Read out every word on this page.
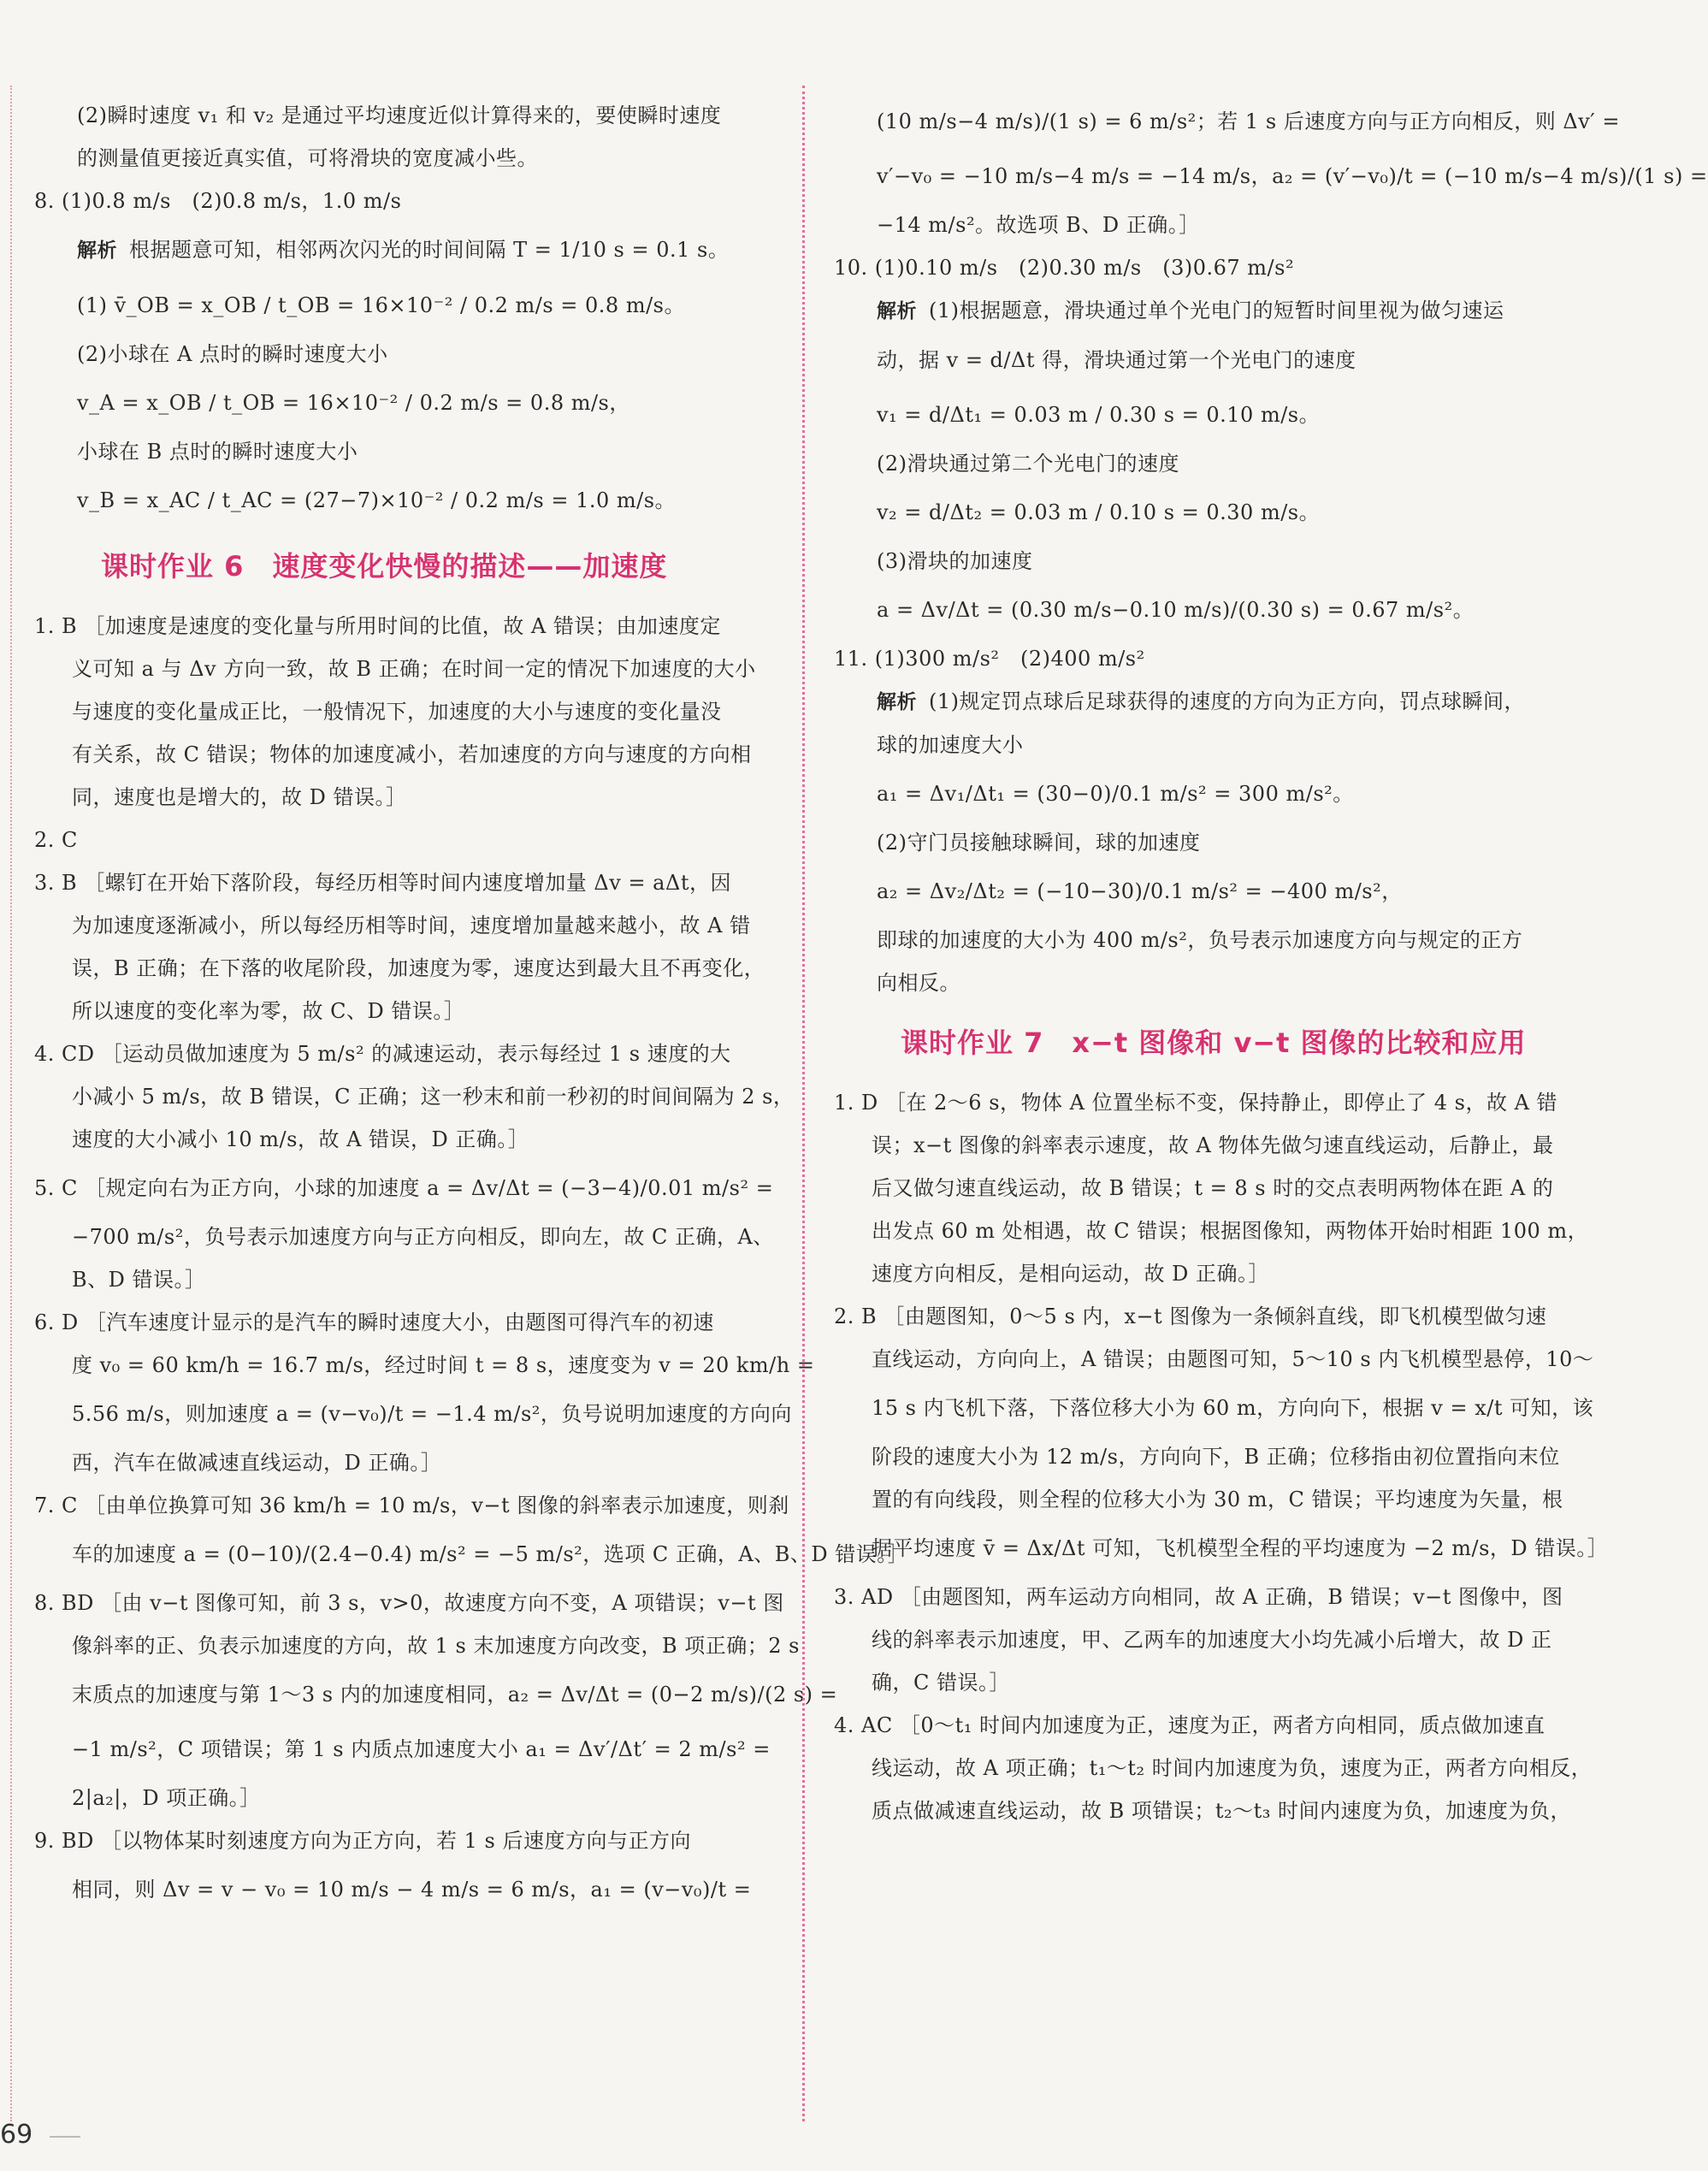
(2)瞬时速度 v₁ 和 v₂ 是通过平均速度近似计算得来的，要使瞬时速度
的测量值更接近真实值，可将滑块的宽度减小些。
8. (1)0.8 m/s　(2)0.8 m/s，1.0 m/s
解析 根据题意可知，相邻两次闪光的时间间隔 T = 1/10 s = 0.1 s。
(1) v̄_OB = x_OB / t_OB = 16×10⁻² / 0.2 m/s = 0.8 m/s。
(2)小球在 A 点时的瞬时速度大小
v_A = x_OB / t_OB = 16×10⁻² / 0.2 m/s = 0.8 m/s，
小球在 B 点时的瞬时速度大小
v_B = x_AC / t_AC = (27−7)×10⁻² / 0.2 m/s = 1.0 m/s。
课时作业 6　速度变化快慢的描述——加速度
1. B ［加速度是速度的变化量与所用时间的比值，故 A 错误；由加速度定
义可知 a 与 Δv 方向一致，故 B 正确；在时间一定的情况下加速度的大小
与速度的变化量成正比，一般情况下，加速度的大小与速度的变化量没
有关系，故 C 错误；物体的加速度减小，若加速度的方向与速度的方向相
同，速度也是增大的，故 D 错误。］
2. C
3. B ［螺钉在开始下落阶段，每经历相等时间内速度增加量 Δv = aΔt，因
为加速度逐渐减小，所以每经历相等时间，速度增加量越来越小，故 A 错
误，B 正确；在下落的收尾阶段，加速度为零，速度达到最大且不再变化，
所以速度的变化率为零，故 C、D 错误。］
4. CD ［运动员做加速度为 5 m/s² 的减速运动，表示每经过 1 s 速度的大
小减小 5 m/s，故 B 错误，C 正确；这一秒末和前一秒初的时间间隔为 2 s，
速度的大小减小 10 m/s，故 A 错误，D 正确。］
5. C ［规定向右为正方向，小球的加速度 a = Δv/Δt = (−3−4)/0.01 m/s² =
−700 m/s²，负号表示加速度方向与正方向相反，即向左，故 C 正确，A、
B、D 错误。］
6. D ［汽车速度计显示的是汽车的瞬时速度大小，由题图可得汽车的初速
度 v₀ = 60 km/h = 16.7 m/s，经过时间 t = 8 s，速度变为 v = 20 km/h =
5.56 m/s，则加速度 a = (v−v₀)/t = −1.4 m/s²，负号说明加速度的方向向
西，汽车在做减速直线运动，D 正确。］
7. C ［由单位换算可知 36 km/h = 10 m/s，v−t 图像的斜率表示加速度，则刹
车的加速度 a = (0−10)/(2.4−0.4) m/s² = −5 m/s²，选项 C 正确，A、B、D 错误。］
8. BD ［由 v−t 图像可知，前 3 s，v>0，故速度方向不变，A 项错误；v−t 图
像斜率的正、负表示加速度的方向，故 1 s 末加速度方向改变，B 项正确；2 s
末质点的加速度与第 1～3 s 内的加速度相同，a₂ = Δv/Δt = (0−2 m/s)/(2 s) =
−1 m/s²，C 项错误；第 1 s 内质点加速度大小 a₁ = Δv′/Δt′ = 2 m/s² =
2|a₂|，D 项正确。］
9. BD ［以物体某时刻速度方向为正方向，若 1 s 后速度方向与正方向
相同，则 Δv = v − v₀ = 10 m/s − 4 m/s = 6 m/s，a₁ = (v−v₀)/t =
(10 m/s−4 m/s)/(1 s) = 6 m/s²；若 1 s 后速度方向与正方向相反，则 Δv′ =
v′−v₀ = −10 m/s−4 m/s = −14 m/s，a₂ = (v′−v₀)/t = (−10 m/s−4 m/s)/(1 s) =
−14 m/s²。故选项 B、D 正确。］
10. (1)0.10 m/s　(2)0.30 m/s　(3)0.67 m/s²
解析 (1)根据题意，滑块通过单个光电门的短暂时间里视为做匀速运
动，据 v = d/Δt 得，滑块通过第一个光电门的速度
v₁ = d/Δt₁ = 0.03 m / 0.30 s = 0.10 m/s。
(2)滑块通过第二个光电门的速度
v₂ = d/Δt₂ = 0.03 m / 0.10 s = 0.30 m/s。
(3)滑块的加速度
a = Δv/Δt = (0.30 m/s−0.10 m/s)/(0.30 s) = 0.67 m/s²。
11. (1)300 m/s²　(2)400 m/s²
解析 (1)规定罚点球后足球获得的速度的方向为正方向，罚点球瞬间，
球的加速度大小
a₁ = Δv₁/Δt₁ = (30−0)/0.1 m/s² = 300 m/s²。
(2)守门员接触球瞬间，球的加速度
a₂ = Δv₂/Δt₂ = (−10−30)/0.1 m/s² = −400 m/s²，
即球的加速度的大小为 400 m/s²，负号表示加速度方向与规定的正方
向相反。
课时作业 7　x−t 图像和 v−t 图像的比较和应用
1. D ［在 2～6 s，物体 A 位置坐标不变，保持静止，即停止了 4 s，故 A 错
误；x−t 图像的斜率表示速度，故 A 物体先做匀速直线运动，后静止，最
后又做匀速直线运动，故 B 错误；t = 8 s 时的交点表明两物体在距 A 的
出发点 60 m 处相遇，故 C 错误；根据图像知，两物体开始时相距 100 m，
速度方向相反，是相向运动，故 D 正确。］
2. B ［由题图知，0～5 s 内，x−t 图像为一条倾斜直线，即飞机模型做匀速
直线运动，方向向上，A 错误；由题图可知，5～10 s 内飞机模型悬停，10～
15 s 内飞机下落，下落位移大小为 60 m，方向向下，根据 v = x/t 可知，该
阶段的速度大小为 12 m/s，方向向下，B 正确；位移指由初位置指向末位
置的有向线段，则全程的位移大小为 30 m，C 错误；平均速度为矢量，根
据平均速度 v̄ = Δx/Δt 可知，飞机模型全程的平均速度为 −2 m/s，D 错误。］
3. AD ［由题图知，两车运动方向相同，故 A 正确，B 错误；v−t 图像中，图
线的斜率表示加速度，甲、乙两车的加速度大小均先减小后增大，故 D 正
确，C 错误。］
4. AC ［0～t₁ 时间内加速度为正，速度为正，两者方向相同，质点做加速直
线运动，故 A 项正确；t₁～t₂ 时间内加速度为负，速度为正，两者方向相反，
质点做减速直线运动，故 B 项错误；t₂～t₃ 时间内速度为负，加速度为负，
69
